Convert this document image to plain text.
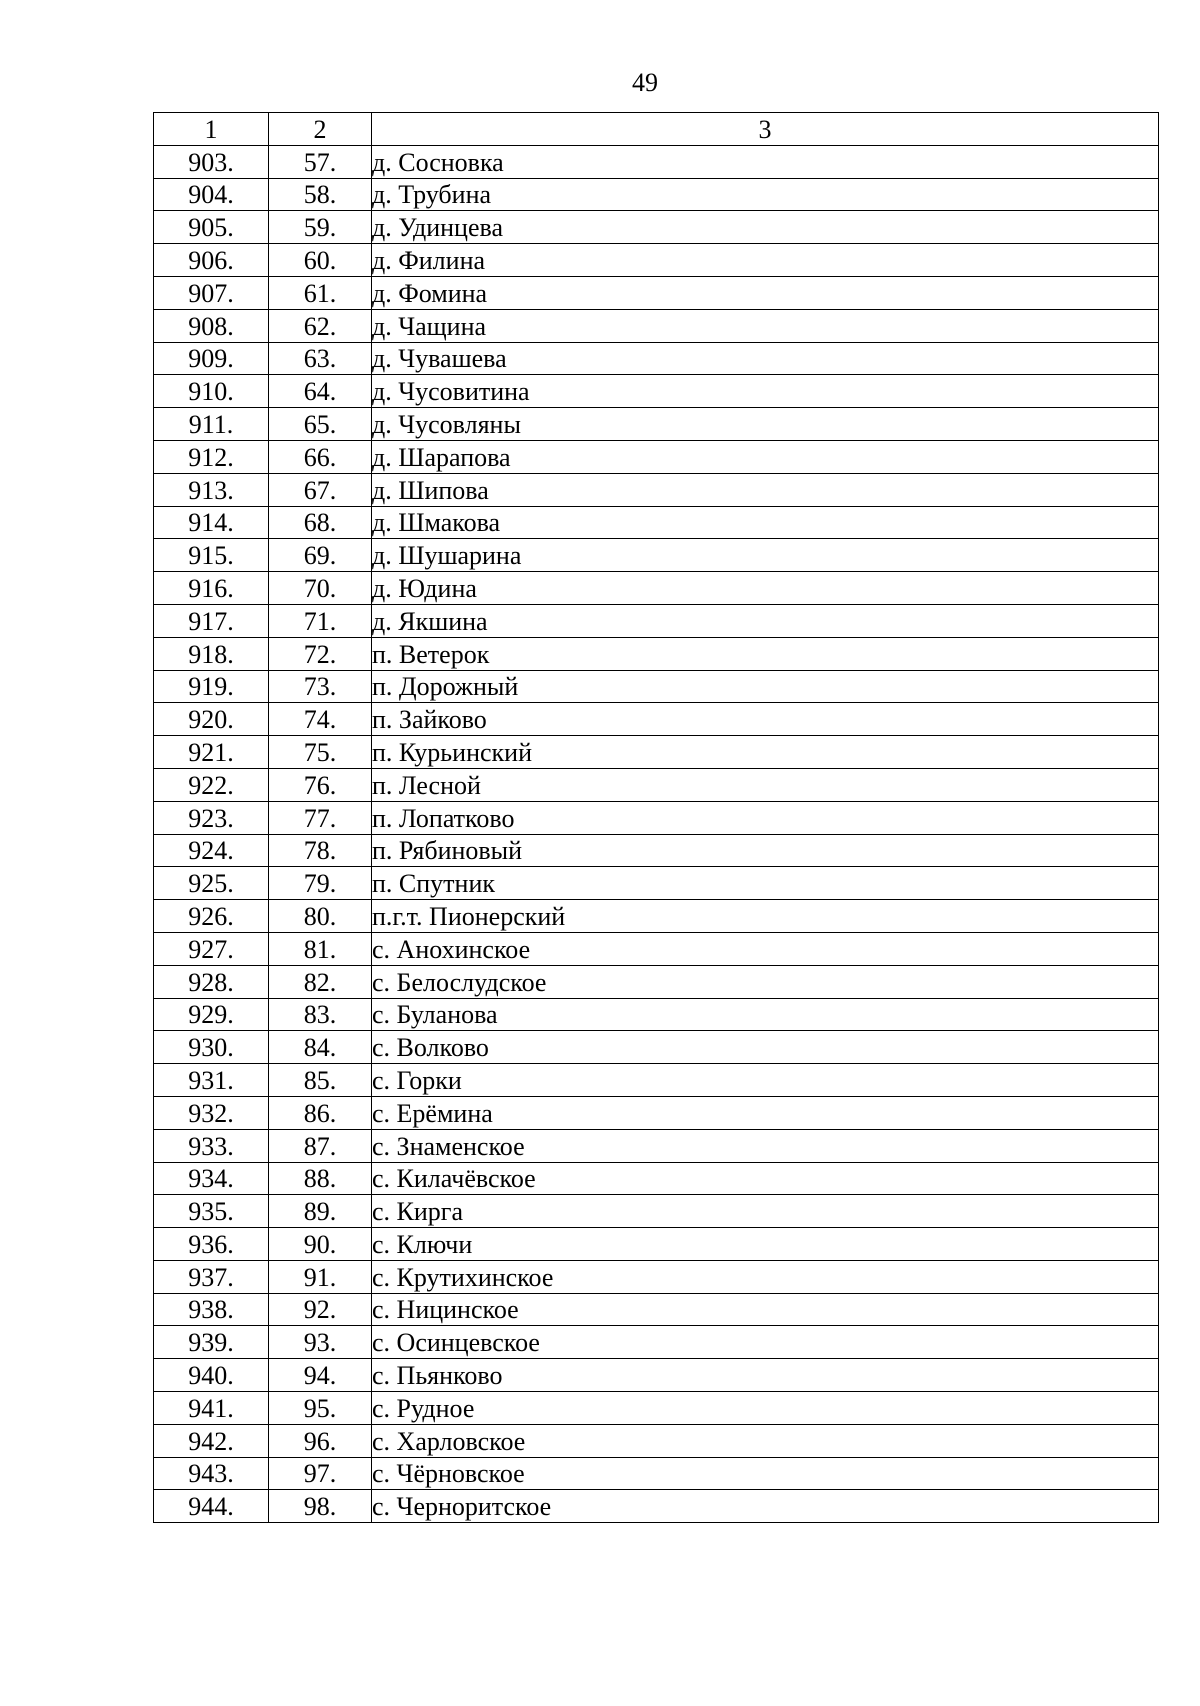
49
1	2	3
903.	57.	д. Сосновка
904.	58.	д. Трубина
905.	59.	д. Удинцева
906.	60.	д. Филина
907.	61.	д. Фомина
908.	62.	д. Чащина
909.	63.	д. Чувашева
910.	64.	д. Чусовитина
911.	65.	д. Чусовляны
912.	66.	д. Шарапова
913.	67.	д. Шипова
914.	68.	д. Шмакова
915.	69.	д. Шушарина
916.	70.	д. Юдина
917.	71.	д. Якшина
918.	72.	п. Ветерок
919.	73.	п. Дорожный
920.	74.	п. Зайково
921.	75.	п. Курьинский
922.	76.	п. Лесной
923.	77.	п. Лопатково
924.	78.	п. Рябиновый
925.	79.	п. Спутник
926.	80.	п.г.т. Пионерский
927.	81.	с. Анохинское
928.	82.	с. Белослудское
929.	83.	с. Буланова
930.	84.	с. Волково
931.	85.	с. Горки
932.	86.	с. Ерёмина
933.	87.	с. Знаменское
934.	88.	с. Килачёвское
935.	89.	с. Кирга
936.	90.	с. Ключи
937.	91.	с. Крутихинское
938.	92.	с. Ницинское
939.	93.	с. Осинцевское
940.	94.	с. Пьянково
941.	95.	с. Рудное
942.	96.	с. Харловское
943.	97.	с. Чёрновское
944.	98.	с. Черноритское
